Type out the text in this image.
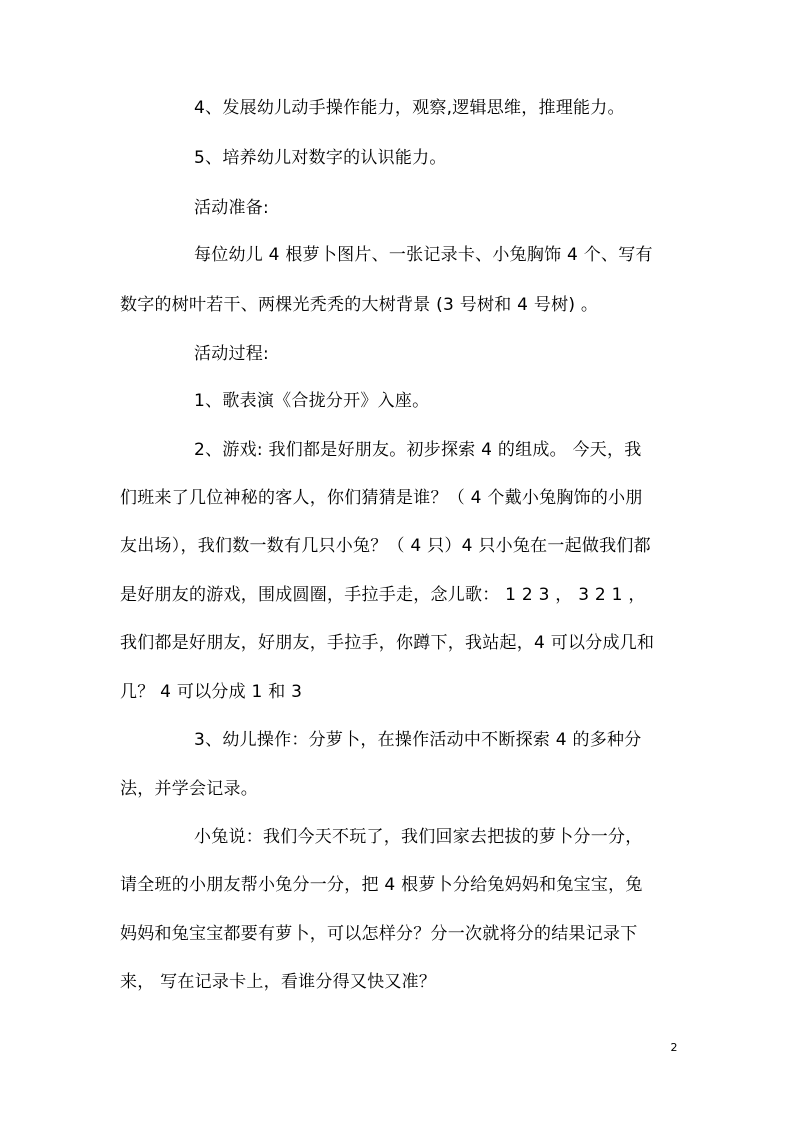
4、发展幼儿动手操作能力，观察,逻辑思维，推理能力。
5、培养幼儿对数字的认识能力。
活动准备:
每位幼儿 4 根萝卜图片、一张记录卡、小兔胸饰 4 个、写有
数字的树叶若干、两棵光秃秃的大树背景 (3 号树和 4 号树) 。
活动过程:
1、歌表演《合拢分开》入座。
2、游戏: 我们都是好朋友。初步探索 4 的组成。 今天，我
们班来了几位神秘的客人，你们猜猜是谁？（ 4 个戴小兔胸饰的小朋
友出场），我们数一数有几只小兔？（ 4 只）4 只小兔在一起做我们都
是好朋友的游戏，围成圆圈，手拉手走，念儿歌： 1 2 3 ， 3 2 1 ，
我们都是好朋友，好朋友，手拉手，你蹲下，我站起，4 可以分成几和
几？ 4 可以分成 1 和 3
3、幼儿操作：分萝卜，在操作活动中不断探索 4 的多种分
法，并学会记录。
小兔说：我们今天不玩了，我们回家去把拔的萝卜分一分，
请全班的小朋友帮小兔分一分，把 4 根萝卜分给兔妈妈和兔宝宝，兔
妈妈和兔宝宝都要有萝卜，可以怎样分？分一次就将分的结果记录下
来， 写在记录卡上，看谁分得又快又准？
2
